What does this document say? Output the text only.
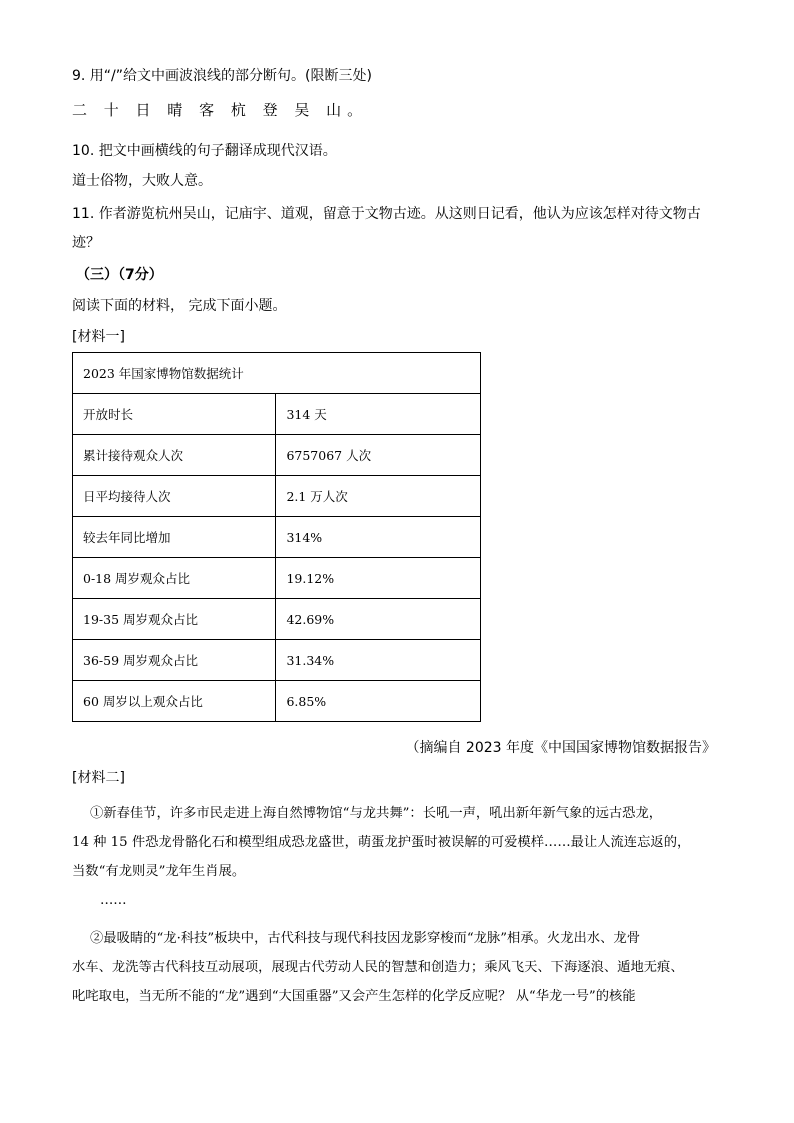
9. 用“/”给文中画波浪线的部分断句。(限断三处)
二 十 日 晴 客 杭 登 吴 山。
10. 把文中画横线的句子翻译成现代汉语。
道士俗物，大败人意。
11. 作者游览杭州吴山，记庙宇、道观，留意于文物古迹。从这则日记看，他认为应该怎样对待文物古
迹？
（三）（7分）
阅读下面的材料， 完成下面小题。
[材料一]
2023 年国家博物馆数据统计	
开放时长	314 天
累计接待观众人次	6757067 人次
日平均接待人次	2.1 万人次
较去年同比增加	314%
0-18 周岁观众占比	19.12%
19-35 周岁观众占比	42.69%
36-59 周岁观众占比	31.34%
60 周岁以上观众占比	6.85%
（摘编自 2023 年度《中国国家博物馆数据报告》
[材料二]
①新春佳节，许多市民走进上海自然博物馆“与龙共舞”：长吼一声，吼出新年新气象的远古恐龙，
14 种 15 件恐龙骨骼化石和模型组成恐龙盛世，萌蛋龙护蛋时被误解的可爱模样……最让人流连忘返的，
当数“有龙则灵”龙年生肖展。
……
②最吸睛的“龙·科技”板块中，古代科技与现代科技因龙影穿梭而“龙脉”相承。火龙出水、龙骨
水车、龙洗等古代科技互动展项，展现古代劳动人民的智慧和创造力；乘风飞天、下海逐浪、遁地无痕、
叱咤取电，当无所不能的“龙”遇到“大国重器”又会产生怎样的化学反应呢？ 从“华龙一号”的核能
